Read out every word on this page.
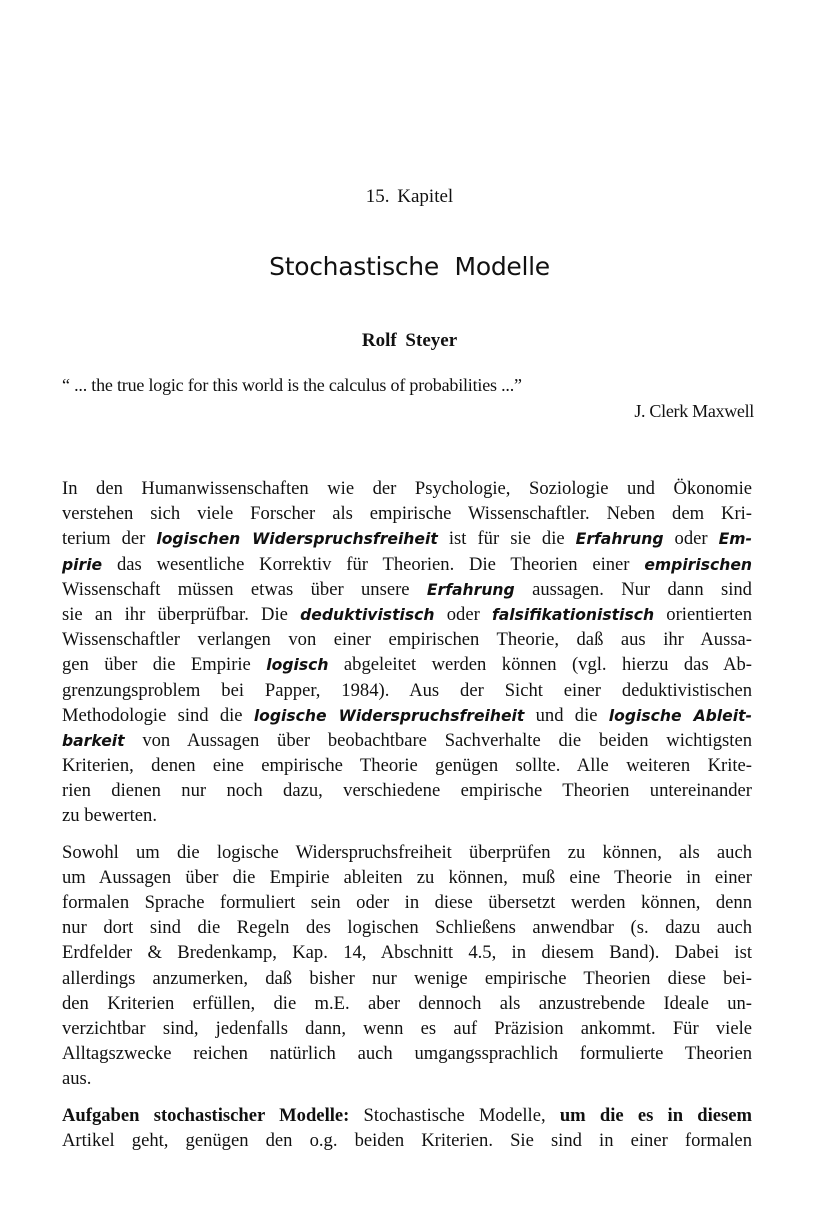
15. Kapitel
Stochastische Modelle
Rolf Steyer
“ ... the true logic for this world is the calculus of probabilities ...”
J. Clerk Maxwell
In den Humanwissenschaften wie der Psychologie, Soziologie und Ökonomie
verstehen sich viele Forscher als empirische Wissenschaftler. Neben dem Kri-
terium der logischen Widerspruchsfreiheit ist für sie die Erfahrung oder Em-
pirie das wesentliche Korrektiv für Theorien. Die Theorien einer empirischen
Wissenschaft müssen etwas über unsere Erfahrung aussagen. Nur dann sind
sie an ihr überprüfbar. Die deduktivistisch oder falsifikationistisch orientierten
Wissenschaftler verlangen von einer empirischen Theorie, daß aus ihr Aussa-
gen über die Empirie logisch abgeleitet werden können (vgl. hierzu das Ab-
grenzungsproblem bei Papper, 1984). Aus der Sicht einer deduktivistischen
Methodologie sind die logische Widerspruchsfreiheit und die logische Ableit-
barkeit von Aussagen über beobachtbare Sachverhalte die beiden wichtigsten
Kriterien, denen eine empirische Theorie genügen sollte. Alle weiteren Krite-
rien dienen nur noch dazu, verschiedene empirische Theorien untereinander
zu bewerten.
Sowohl um die logische Widerspruchsfreiheit überprüfen zu können, als auch
um Aussagen über die Empirie ableiten zu können, muß eine Theorie in einer
formalen Sprache formuliert sein oder in diese übersetzt werden können, denn
nur dort sind die Regeln des logischen Schließens anwendbar (s. dazu auch
Erdfelder & Bredenkamp, Kap. 14, Abschnitt 4.5, in diesem Band). Dabei ist
allerdings anzumerken, daß bisher nur wenige empirische Theorien diese bei-
den Kriterien erfüllen, die m.E. aber dennoch als anzustrebende Ideale un-
verzichtbar sind, jedenfalls dann, wenn es auf Präzision ankommt. Für viele
Alltagszwecke reichen natürlich auch umgangssprachlich formulierte Theorien
aus.
Aufgaben stochastischer Modelle: Stochastische Modelle, um die es in diesem
Artikel geht, genügen den o.g. beiden Kriterien. Sie sind in einer formalen
